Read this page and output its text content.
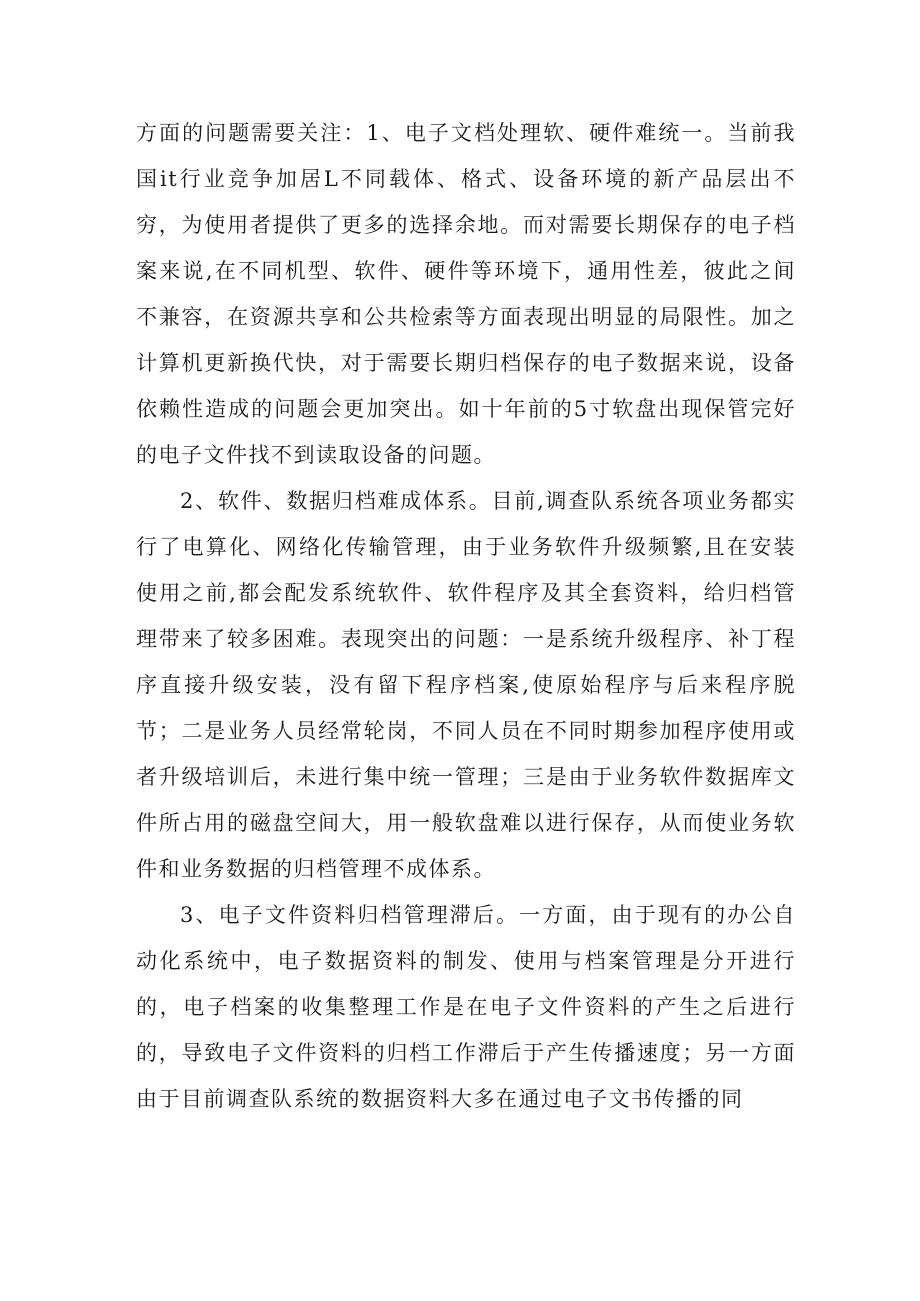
方面的问题需要关注：1、电子文档处理软、硬件难统一。当前我国it行业竞争加居L不同载体、格式、设备环境的新产品层出不穷，为使用者提供了更多的选择余地。而对需要长期保存的电子档案来说,在不同机型、软件、硬件等环境下，通用性差，彼此之间不兼容，在资源共享和公共检索等方面表现出明显的局限性。加之计算机更新换代快，对于需要长期归档保存的电子数据来说，设备依赖性造成的问题会更加突出。如十年前的5寸软盘出现保管完好的电子文件找不到读取设备的问题。

2、软件、数据归档难成体系。目前,调查队系统各项业务都实行了电算化、网络化传输管理，由于业务软件升级频繁,且在安装使用之前,都会配发系统软件、软件程序及其全套资料，给归档管理带来了较多困难。表现突出的问题：一是系统升级程序、补丁程序直接升级安装，没有留下程序档案,使原始程序与后来程序脱节；二是业务人员经常轮岗，不同人员在不同时期参加程序使用或者升级培训后，未进行集中统一管理；三是由于业务软件数据库文件所占用的磁盘空间大，用一般软盘难以进行保存，从而使业务软件和业务数据的归档管理不成体系。

3、电子文件资料归档管理滞后。一方面，由于现有的办公自动化系统中，电子数据资料的制发、使用与档案管理是分开进行的，电子档案的收集整理工作是在电子文件资料的产生之后进行的，导致电子文件资料的归档工作滞后于产生传播速度；另一方面由于目前调查队系统的数据资料大多在通过电子文书传播的同
